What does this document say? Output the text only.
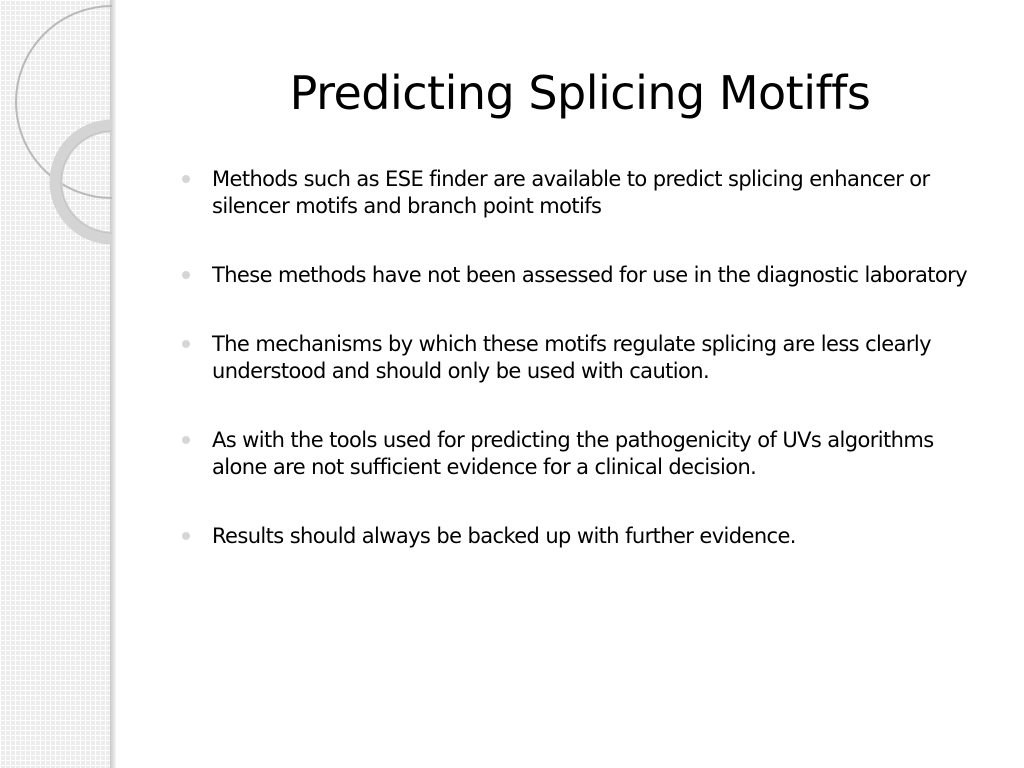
Predicting Splicing Motiffs
Methods such as ESE finder are available to predict splicing enhancer or silencer motifs and branch point motifs
These methods have not been assessed for use in the diagnostic laboratory
The mechanisms by which these motifs regulate splicing are less clearly understood and should only be used with caution.
As with the tools used for predicting the pathogenicity of UVs algorithms alone are not sufficient evidence for a clinical decision.
Results should always be backed up with further evidence.
